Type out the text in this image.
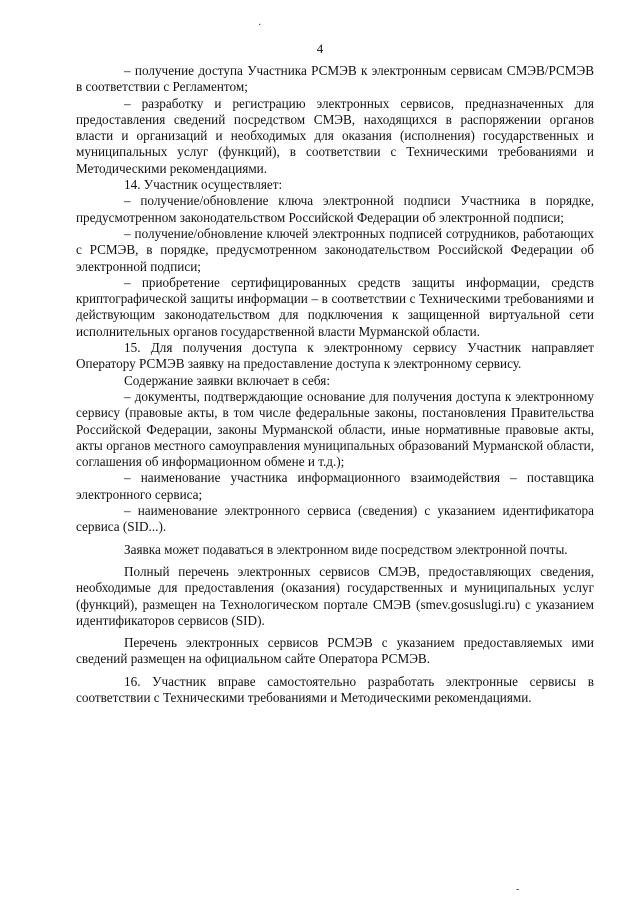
4

– получение доступа Участника РСМЭВ к электронным сервисам СМЭВ/РСМЭВ в соответствии с Регламентом;

– разработку и регистрацию электронных сервисов, предназначенных для предоставления сведений посредством СМЭВ, находящихся в распоряжении органов власти и организаций и необходимых для оказания (исполнения) государственных и муниципальных услуг (функций), в соответствии с Техническими требованиями и Методическими рекомендациями.

14. Участник осуществляет:

– получение/обновление ключа электронной подписи Участника в порядке, предусмотренном законодательством Российской Федерации об электронной подписи;

– получение/обновление ключей электронных подписей сотрудников, работающих с РСМЭВ, в порядке, предусмотренном законодательством Российской Федерации об электронной подписи;

– приобретение сертифицированных средств защиты информации, средств криптографической защиты информации – в соответствии с Техническими требованиями и действующим законодательством для подключения к защищенной виртуальной сети исполнительных органов государственной власти Мурманской области.

15. Для получения доступа к электронному сервису Участник направляет Оператору РСМЭВ заявку на предоставление доступа к электронному сервису.

Содержание заявки включает в себя:

– документы, подтверждающие основание для получения доступа к электронному сервису (правовые акты, в том числе федеральные законы, постановления Правительства Российской Федерации, законы Мурманской области, иные нормативные правовые акты, акты органов местного самоуправления муниципальных образований Мурманской области, соглашения об информационном обмене и т.д.);

– наименование участника информационного взаимодействия – поставщика электронного сервиса;

– наименование электронного сервиса (сведения) с указанием идентификатора сервиса (SID...).

Заявка может подаваться в электронном виде посредством электронной почты.

Полный перечень электронных сервисов СМЭВ, предоставляющих сведения, необходимые для предоставления (оказания) государственных и муниципальных услуг (функций), размещен на Технологическом портале СМЭВ (smev.gosuslugi.ru) с указанием идентификаторов сервисов (SID).

Перечень электронных сервисов РСМЭВ с указанием предоставляемых ими сведений размещен на официальном сайте Оператора РСМЭВ.

16. Участник вправе самостоятельно разработать электронные сервисы в соответствии с Техническими требованиями и Методическими рекомендациями.

·
-
